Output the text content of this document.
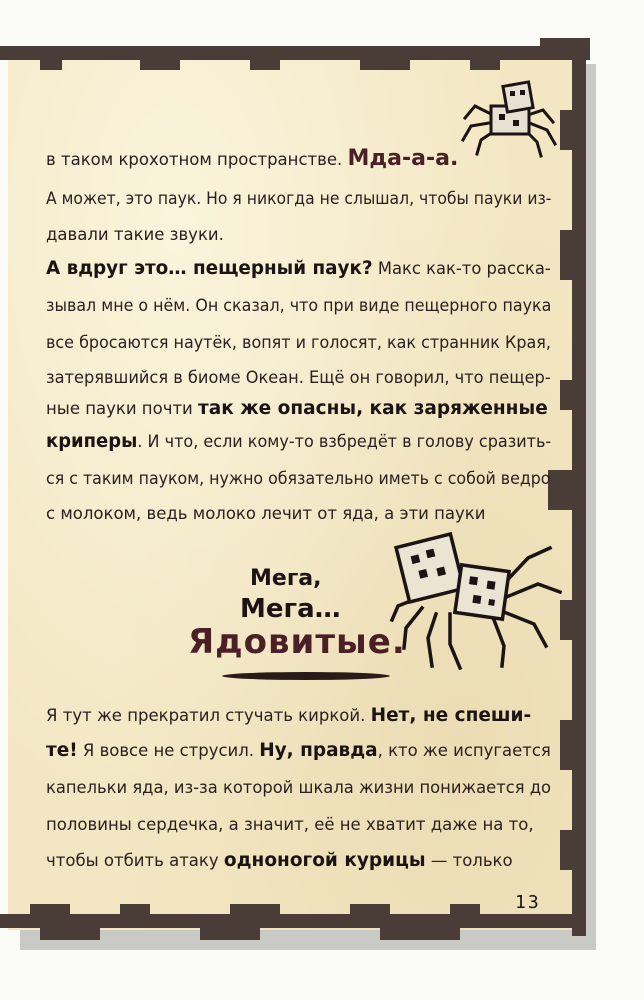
в таком крохотном пространстве. Мда-а-а.
А может, это паук. Но я никогда не слышал, чтобы пауки из-
давали такие звуки.
А вдруг это… пещерный паук? Макс как-то расска-
зывал мне о нём. Он сказал, что при виде пещерного паука
все бросаются наутёк, вопят и голосят, как странник Края,
затерявшийся в биоме Океан. Ещё он говорил, что пещер-
ные пауки почти так же опасны, как заряженные
криперы. И что, если кому-то взбредёт в голову сразить-
ся с таким пауком, нужно обязательно иметь с собой ведро
с молоком, ведь молоко лечит от яда, а эти пауки
Мега,
Мега…
Ядовитые.
Я тут же прекратил стучать киркой. Нет, не спеши-
те! Я вовсе не струсил. Ну, правда, кто же испугается
капельки яда, из-за которой шкала жизни понижается до
половины сердечка, а значит, её не хватит даже на то,
чтобы отбить атаку одноногой курицы — только
13
